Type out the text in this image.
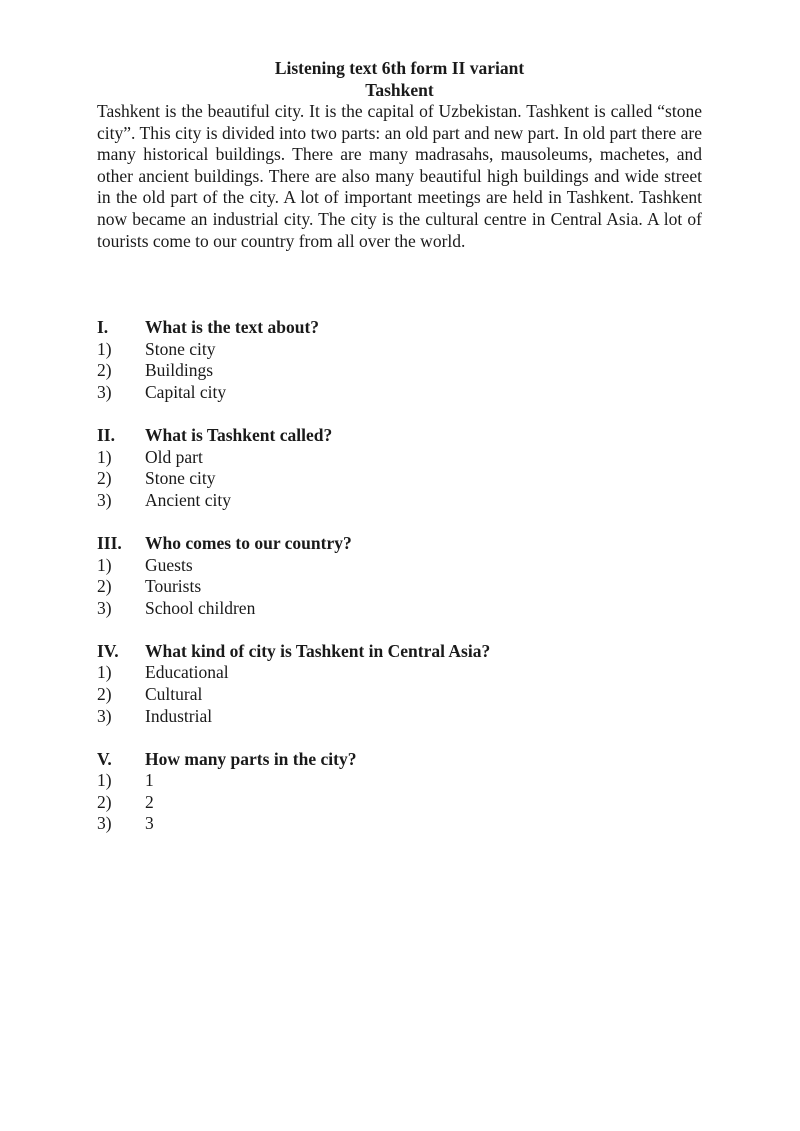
Listening text 6th form II variant
Tashkent

Tashkent is the beautiful city. It is the capital of Uzbekistan. Tashkent is called “stone city”. This city is divided into two parts: an old part and new part. In old part there are many historical buildings. There are many madrasahs, mausoleums, machetes, and other ancient buildings. There are also many beautiful high buildings and wide street in the old part of the city. A lot of important meetings are held in Tashkent. Tashkent now became an industrial city. The city is the cultural centre in Central Asia. A lot of tourists come to our country from all over the world.

I.	What is the text about?
1)	Stone city
2)	Buildings
3)	Capital city
II.	What is Tashkent called?
1)	Old part
2)	Stone city
3)	Ancient city
III.	Who comes to our country?
1)	Guests
2)	Tourists
3)	School children
IV.	What kind of city is Tashkent in Central Asia?
1)	Educational
2)	Cultural
3)	Industrial
V.	How many parts in the city?
1)	1
2)	2
3)	3
